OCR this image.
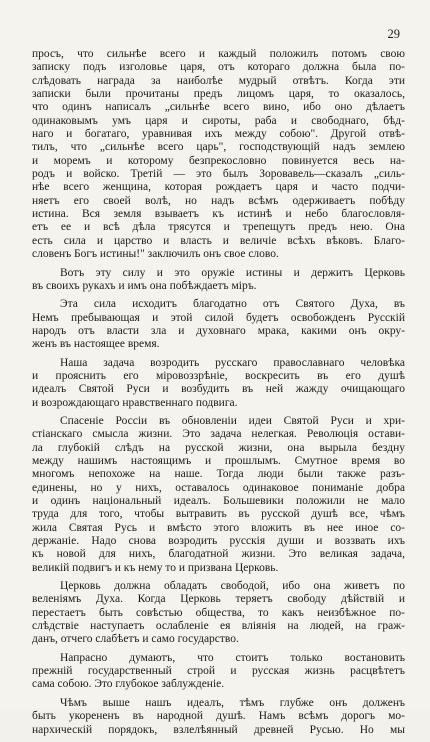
29
просъ, что сильнѣе всего и каждый положилъ потомъ свою
записку подъ изголовье царя, отъ котораго должна была по-
слѣдовать награда за наиболѣе мудрый отвѣтъ. Когда эти
записки были прочитаны предъ лицомъ царя, то оказалось,
что одинъ написалъ „сильнѣе всего вино, ибо оно дѣлаетъ
одинаковымъ умъ царя и сироты, раба и свободнаго, бѣд-
наго и богатаго, уравнивая ихъ между собою". Другой отвѣ-
тилъ, что „сильнѣе всего царь", господствующій надъ землею
и моремъ и которому безпрекословно повинуется весь на-
родъ и войско. Третій — это былъ Зоровавель—сказалъ „силь-
нѣе всего женщина, которая рождаетъ царя и часто подчи-
няетъ его своей волѣ, но надъ всѣмъ одерживаетъ побѣду
истина. Вся земля взываетъ къ истинѣ и небо благословля-
етъ ее и всѣ дѣла трясутся и трепещутъ предъ нею. Она
есть сила и царство и власть и величіе всѣхъ вѣковъ. Благо-
словенъ Богъ истины!" заключилъ онъ свое слово.
Вотъ эту силу и это оружіе истины и держитъ Церковь
въ своихъ рукахъ и имъ она побѣждаетъ міръ.
Эта сила исходитъ благодатно отъ Святого Духа, въ
Немъ пребывающая и этой силой будетъ освобожденъ Русскій
народъ отъ власти зла и духовнаго мрака, какими онъ окру-
женъ въ настоящее время.
Наша задача возродить русскаго православнаго человѣка
и прояснить его міровоззрѣніе, воскресить въ его душѣ
идеалъ Святой Руси и возбудить въ ней жажду очищающаго
и возрождающаго нравственнаго подвига.
Спасеніе Россіи въ обновленіи идеи Святой Руси и хри-
стіанскаго смысла жизни. Это задача нелегкая. Революція остави-
ла глубокій слѣдъ на русской жизни, она вырыла бездну
между нашимъ настоящимъ и прошлымъ. Смутное время во
многомъ непохоже на наше. Тогда люди были также разъ-
единены, но у нихъ, оставалось одинаковое пониманіе добра
и одинъ національный идеалъ. Большевики положили не мало
труда для того, чтобы вытравить въ русской душѣ все, чѣмъ
жила Святая Русь и вмѣсто этого вложить въ нее иное со-
держаніе. Надо снова возродить русскія души и воззвать ихъ
къ новой для нихъ, благодатной жизни. Это великая задача,
великій подвигъ и къ нему то и призвана Церковь.
Церковь должна обладать свободой, ибо она живетъ по
веленіямъ Духа. Когда Церковь теряетъ свободу дѣйствій и
перестаетъ быть совѣстью общества, то какъ неизбѣжное по-
слѣдствіе наступаетъ ослабленіе ея вліянія на людей, на граж-
данъ, отчего слабѣетъ и само государство.
Напрасно думаютъ, что стоитъ только востановить
прежній государственный строй и русская жизнь расцвѣтетъ
сама собою. Это глубокое заблужденіе.
Чѣмъ выше нашъ идеалъ, тѣмъ глубже онъ долженъ
быть укорененъ въ народной душѣ. Намъ всѣмъ дорогъ мо-
нархическій порядокъ, взлелѣянный древней Русью. Но мы
